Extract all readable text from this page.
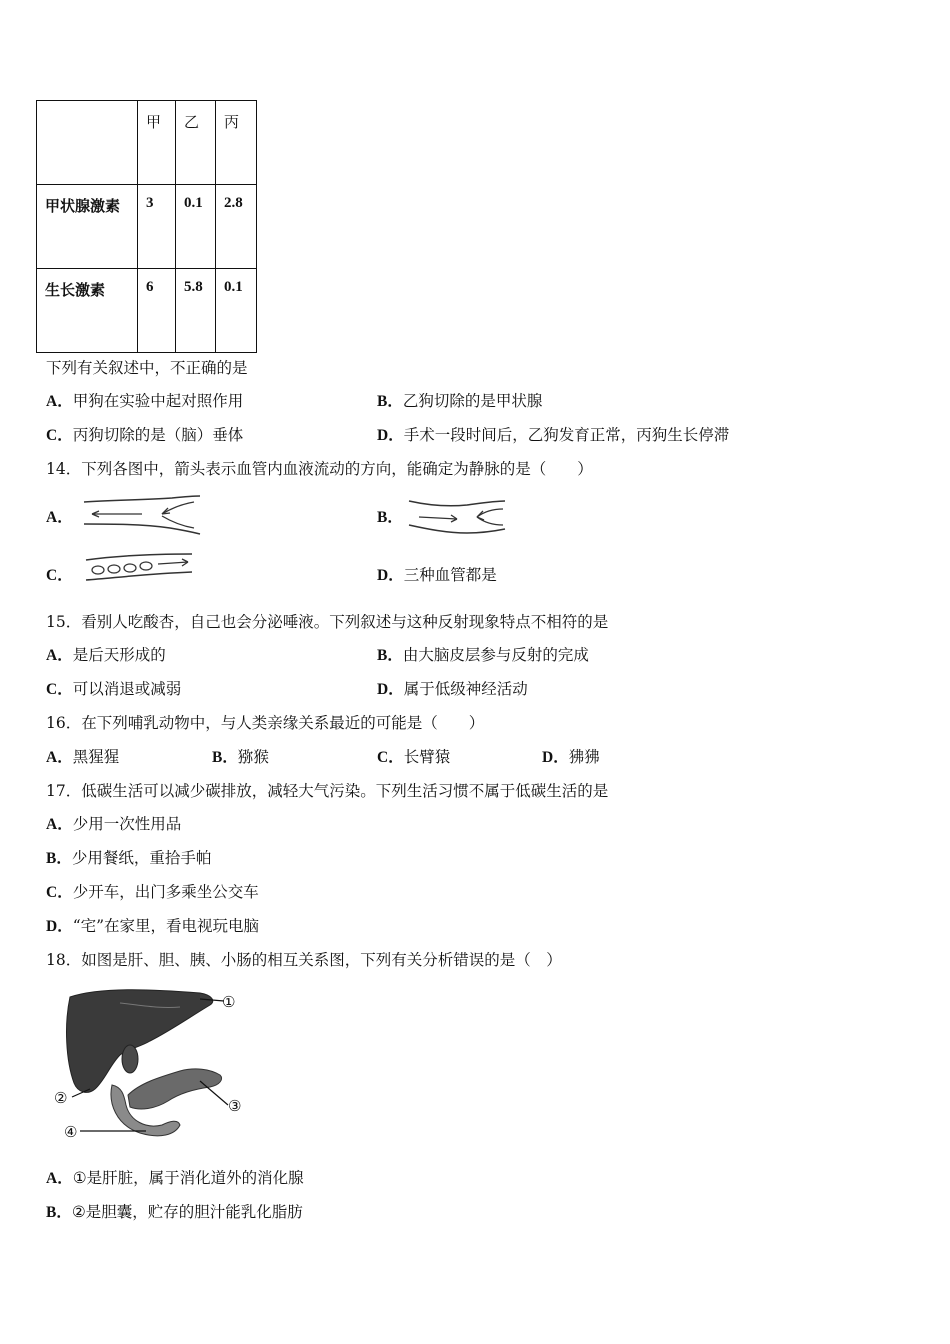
	甲	乙	丙
甲状腺激素	3	0.1	2.8
生长激素	6	5.8	0.1
下列有关叙述中，不正确的是
A．甲狗在实验中起对照作用	B．乙狗切除的是甲状腺
C．丙狗切除的是（脑）垂体	D．手术一段时间后，乙狗发育正常，丙狗生长停滞
14．下列各图中，箭头表示血管内血液流动的方向，能确定为静脉的是（　　）
A．	B．
C．	D．三种血管都是
15．看别人吃酸杏，自己也会分泌唾液。下列叙述与这种反射现象特点不相符的是
A．是后天形成的	B．由大脑皮层参与反射的完成
C．可以消退或减弱	D．属于低级神经活动
16．在下列哺乳动物中，与人类亲缘关系最近的可能是（　　）
A．黑猩猩	B．猕猴	C．长臂猿	D．狒狒
17．低碳生活可以减少碳排放，减轻大气污染。下列生活习惯不属于低碳生活的是
A．少用一次性用品
B．少用餐纸，重拾手帕
C．少开车，出门多乘坐公交车
D．“宅”在家里，看电视玩电脑
18．如图是肝、胆、胰、小肠的相互关系图，下列有关分析错误的是（　）
①
②	③
④
A．①是肝脏，属于消化道外的消化腺
B．②是胆囊，贮存的胆汁能乳化脂肪
